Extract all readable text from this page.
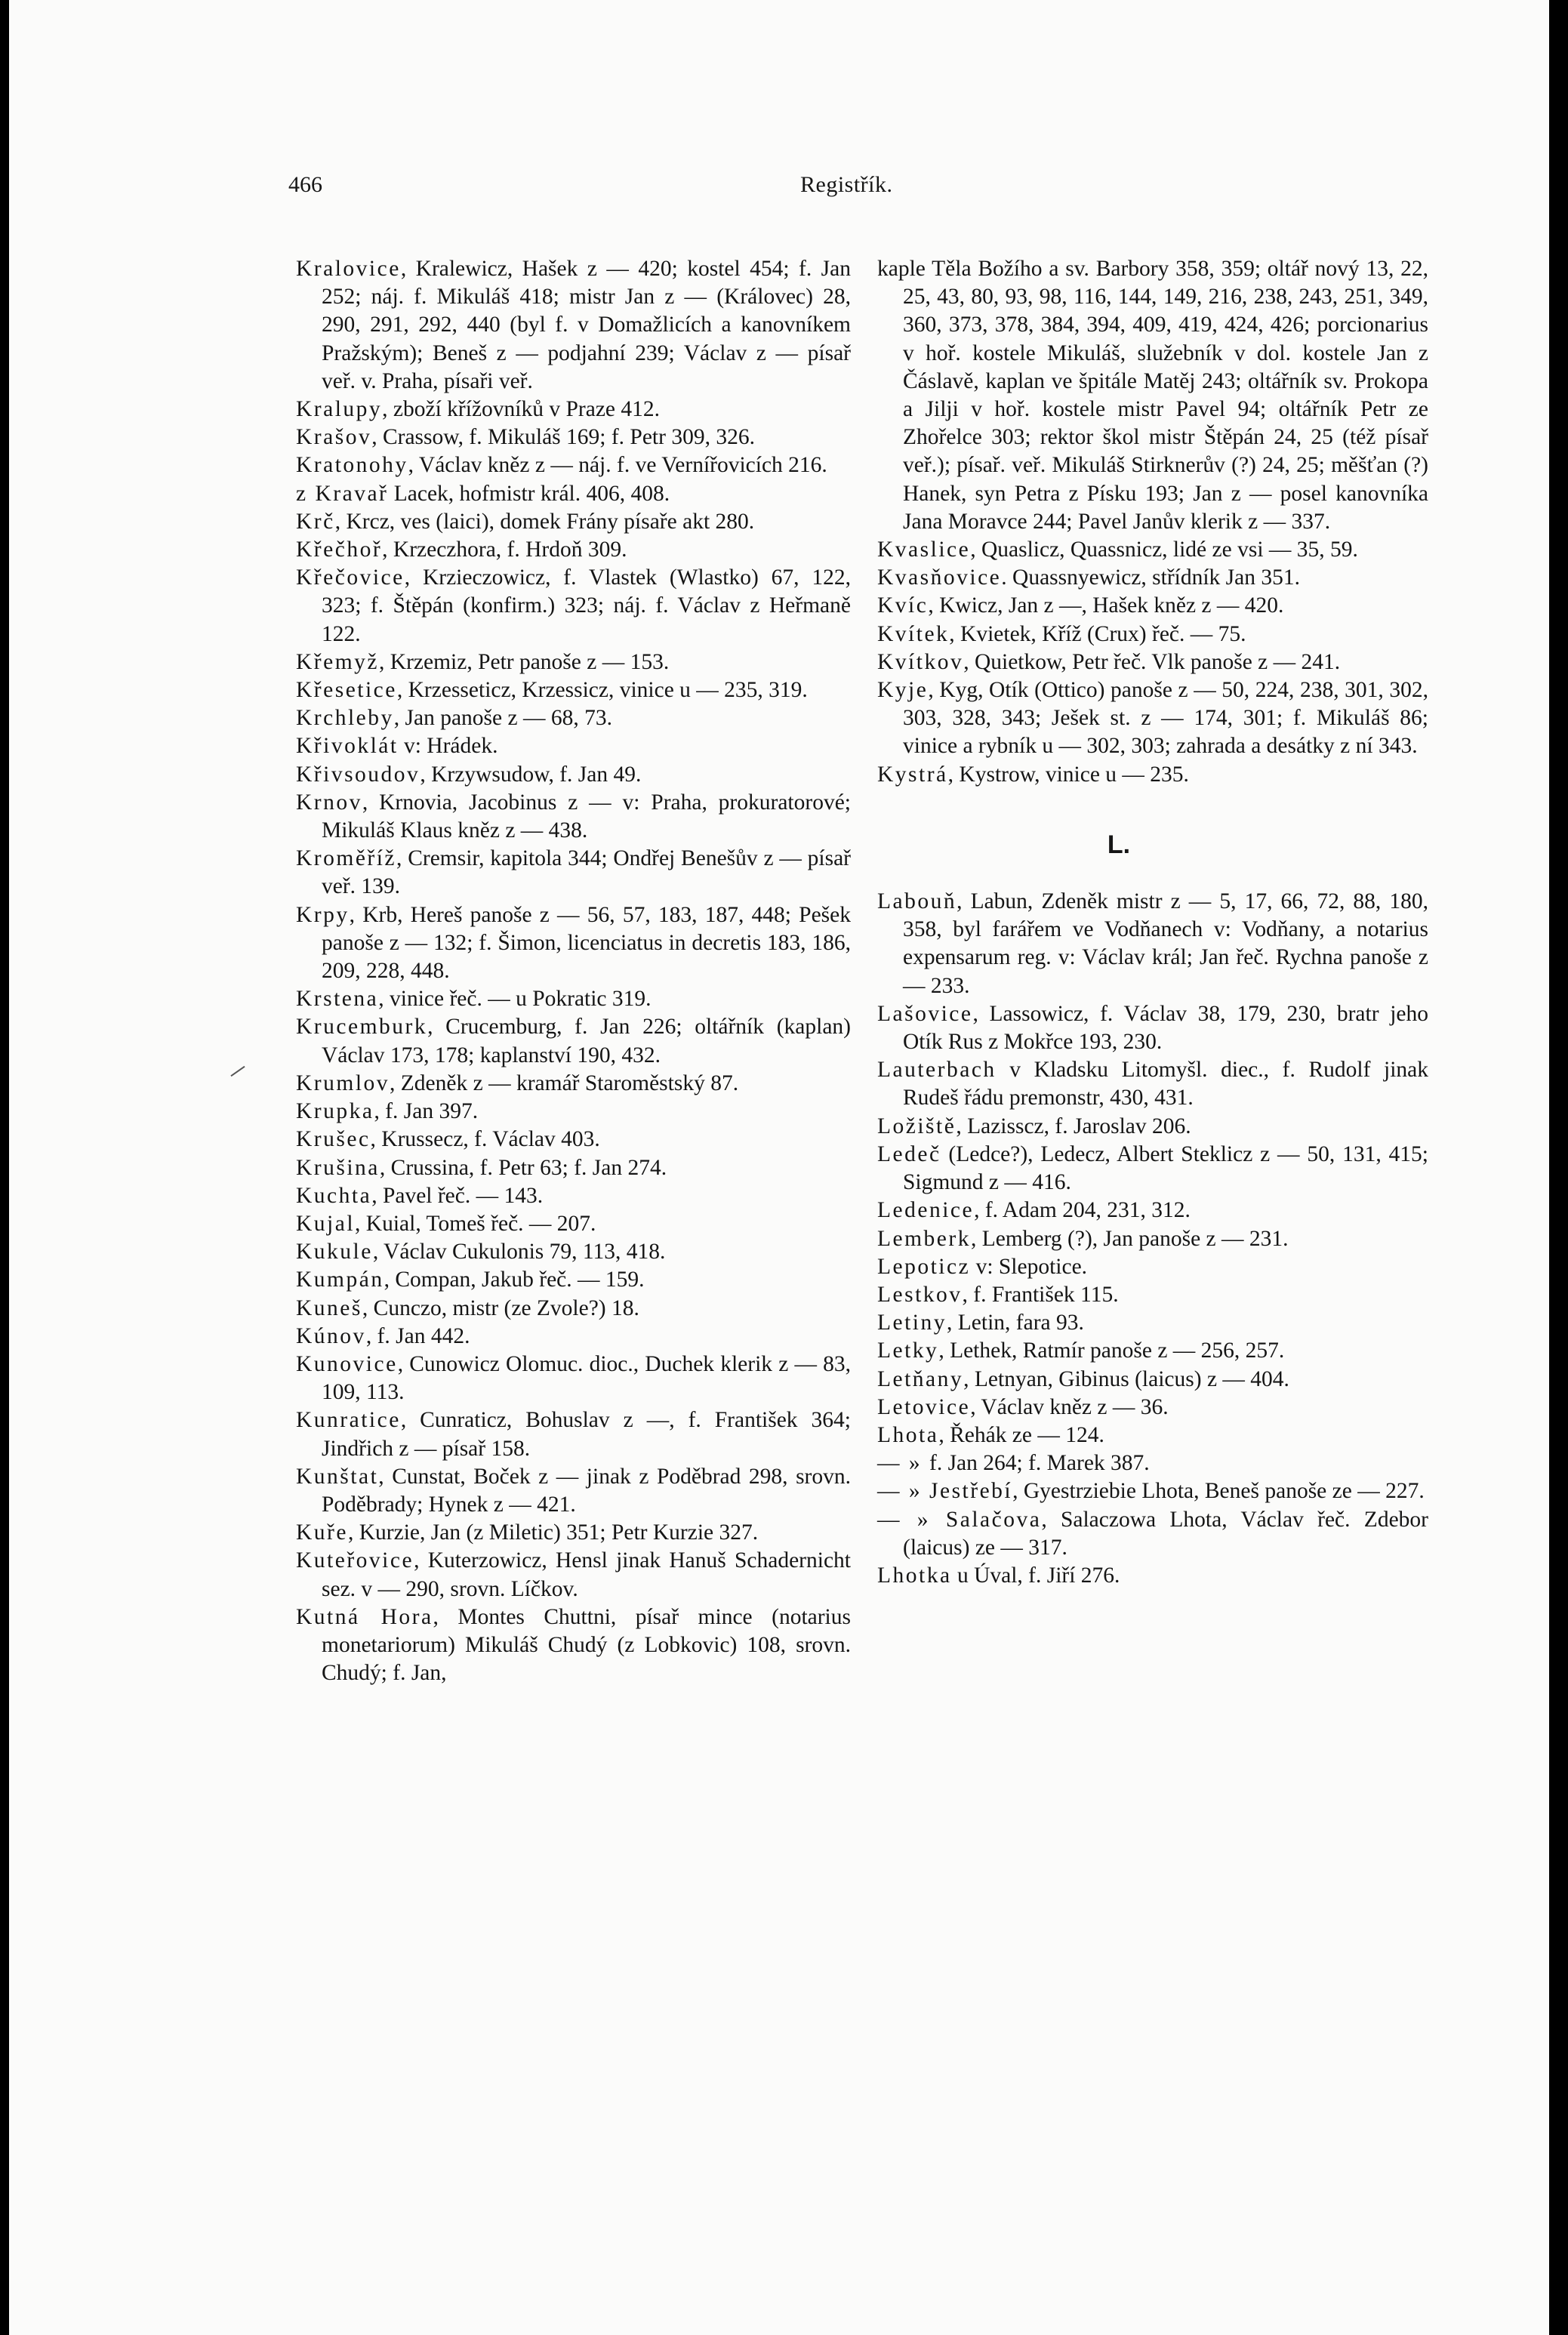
466	Registřík.

Kralovice, Kralewicz, Hašek z — 420; kostel 454; f. Jan 252; náj. f. Mikuláš 418; mistr Jan z — (Královec) 28, 290, 291, 292, 440 (byl f. v Domažlicích a kanovníkem Pražským); Beneš z — podjahní 239; Václav z — písař veř. v. Praha, písaři veř.

Kralupy, zboží křížovníků v Praze 412.

Krašov, Crassow, f. Mikuláš 169; f. Petr 309, 326.

Kratonohy, Václav kněz z — náj. f. ve Vernířovicích 216.

z Kravař Lacek, hofmistr král. 406, 408.

Krč, Krcz, ves (laici), domek Frány písaře akt 280.

Křečhoř, Krzeczhora, f. Hrdoň 309.

Křečovice, Krzieczowicz, f. Vlastek (Wlastko) 67, 122, 323; f. Štěpán (konfirm.) 323; náj. f. Václav z Heřmaně 122.

Křemyž, Krzemiz, Petr panoše z — 153.

Křesetice, Krzesseticz, Krzessicz, vinice u — 235, 319.

Krchleby, Jan panoše z — 68, 73.

Křivoklát v: Hrádek.

Křivsoudov, Krzywsudow, f. Jan 49.

Krnov, Krnovia, Jacobinus z — v: Praha, prokuratorové; Mikuláš Klaus kněz z — 438.

Kroměříž, Cremsir, kapitola 344; Ondřej Benešův z — písař veř. 139.

Krpy, Krb, Hereš panoše z — 56, 57, 183, 187, 448; Pešek panoše z — 132; f. Šimon, licenciatus in decretis 183, 186, 209, 228, 448.

Krstena, vinice řeč. — u Pokratic 319.

Krucemburk, Crucemburg, f. Jan 226; oltářník (kaplan) Václav 173, 178; kaplanství 190, 432.

Krumlov, Zdeněk z — kramář Staroměstský 87.

Krupka, f. Jan 397.

Krušec, Krussecz, f. Václav 403.

Krušina, Crussina, f. Petr 63; f. Jan 274.

Kuchta, Pavel řeč. — 143.

Kujal, Kuial, Tomeš řeč. — 207.

Kukule, Václav Cukulonis 79, 113, 418.

Kumpán, Compan, Jakub řeč. — 159.

Kuneš, Cunczo, mistr (ze Zvole?) 18.

Kúnov, f. Jan 442.

Kunovice, Cunowicz Olomuc. dioc., Duchek klerik z — 83, 109, 113.

Kunratice, Cunraticz, Bohuslav z —, f. František 364; Jindřich z — písař 158.

Kunštat, Cunstat, Boček z — jinak z Poděbrad 298, srovn. Poděbrady; Hynek z — 421.

Kuře, Kurzie, Jan (z Miletic) 351; Petr Kurzie 327.

Kuteřovice, Kuterzowicz, Hensl jinak Hanuš Schadernicht sez. v — 290, srovn. Líčkov.

Kutná Hora, Montes Chuttni, písař mince (notarius monetariorum) Mikuláš Chudý (z Lobkovic) 108, srovn. Chudý; f. Jan,

kaple Těla Božího a sv. Barbory 358, 359; oltář nový 13, 22, 25, 43, 80, 93, 98, 116, 144, 149, 216, 238, 243, 251, 349, 360, 373, 378, 384, 394, 409, 419, 424, 426; porcionarius v hoř. kostele Mikuláš, služebník v dol. kostele Jan z Čáslavě, kaplan ve špitále Matěj 243; oltářník sv. Prokopa a Jilji v hoř. kostele mistr Pavel 94; oltářník Petr ze Zhořelce 303; rektor škol mistr Štěpán 24, 25 (též písař veř.); písař. veř. Mikuláš Stirknerův (?) 24, 25; měšťan (?) Hanek, syn Petra z Písku 193; Jan z — posel kanovníka Jana Moravce 244; Pavel Janův klerik z — 337.

Kvaslice, Quaslicz, Quassnicz, lidé ze vsi — 35, 59.

Kvasňovice. Quassnyewicz, střídník Jan 351.

Kvíc, Kwicz, Jan z —, Hašek kněz z — 420.

Kvítek, Kvietek, Kříž (Crux) řeč. — 75.

Kvítkov, Quietkow, Petr řeč. Vlk panoše z — 241.

Kyje, Kyg, Otík (Ottico) panoše z — 50, 224, 238, 301, 302, 303, 328, 343; Ješek st. z — 174, 301; f. Mikuláš 86; vinice a rybník u — 302, 303; zahrada a desátky z ní 343.

Kystrá, Kystrow, vinice u — 235.

L.

Labouň, Labun, Zdeněk mistr z — 5, 17, 66, 72, 88, 180, 358, byl farářem ve Vodňanech v: Vodňany, a notarius expensarum reg. v: Václav král; Jan řeč. Rychna panoše z — 233.

Lašovice, Lassowicz, f. Václav 38, 179, 230, bratr jeho Otík Rus z Mokřce 193, 230.

Lauterbach v Kladsku Litomyšl. diec., f. Rudolf jinak Rudeš řádu premonstr, 430, 431.

Ložiště, Lazisscz, f. Jaroslav 206.

Ledeč (Ledce?), Ledecz, Albert Steklicz z — 50, 131, 415; Sigmund z — 416.

Ledenice, f. Adam 204, 231, 312.

Lemberk, Lemberg (?), Jan panoše z — 231.

Lepoticz v: Slepotice.

Lestkov, f. František 115.

Letiny, Letin, fara 93.

Letky, Lethek, Ratmír panoše z — 256, 257.

Letňany, Letnyan, Gibinus (laicus) z — 404.

Letovice, Václav kněz z — 36.

Lhota, Řehák ze — 124.

— » f. Jan 264; f. Marek 387.

— » Jestřebí, Gyestrziebie Lhota, Beneš panoše ze — 227.

— » Salačova, Salaczowa Lhota, Václav řeč. Zdebor (laicus) ze — 317.

Lhotka u Úval, f. Jiří 276.
